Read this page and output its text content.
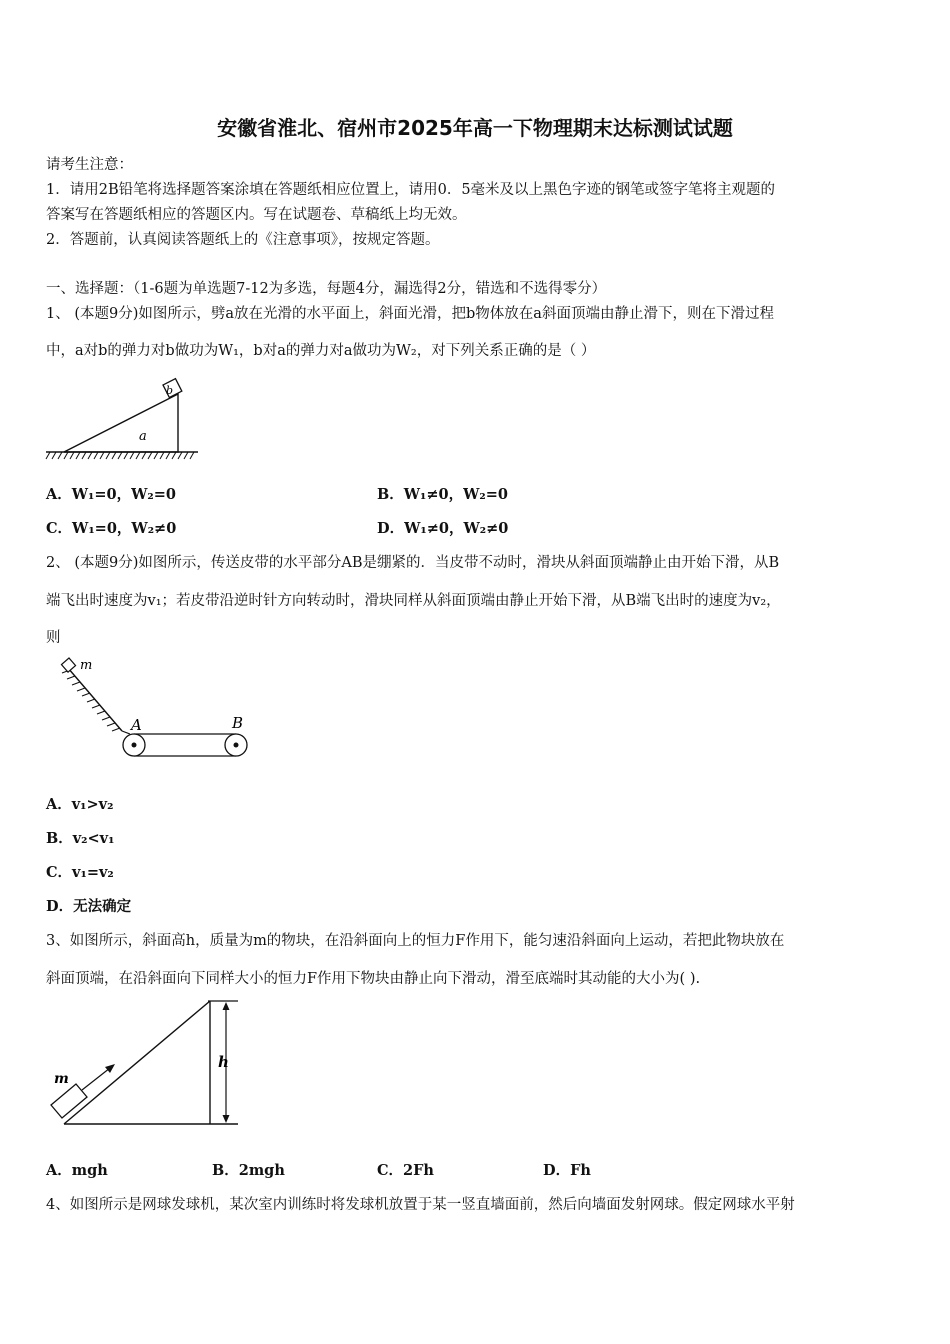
安徽省淮北、宿州市2025年高一下物理期末达标测试试题
请考生注意：
1．请用2B铅笔将选择题答案涂填在答题纸相应位置上，请用0．5毫米及以上黑色字迹的钢笔或签字笔将主观题的
答案写在答题纸相应的答题区内。写在试题卷、草稿纸上均无效。
2．答题前，认真阅读答题纸上的《注意事项》，按规定答题。
一、选择题：（1-6题为单选题7-12为多选，每题4分，漏选得2分，错选和不选得零分）
1、 (本题9分)如图所示，劈a放在光滑的水平面上，斜面光滑，把b物体放在a斜面顶端由静止滑下，则在下滑过程
中，a对b的弹力对b做功为W₁，b对a的弹力对a做功为W₂，对下列关系正确的是（ ）
b
a
A．W₁=0，W₂=0	B．W₁≠0，W₂=0
C．W₁=0，W₂≠0	D．W₁≠0，W₂≠0
2、 (本题9分)如图所示，传送皮带的水平部分AB是绷紧的．当皮带不动时，滑块从斜面顶端静止由开始下滑，从B
端飞出时速度为v₁；若皮带沿逆时针方向转动时，滑块同样从斜面顶端由静止开始下滑，从B端飞出时的速度为v₂，
则
m
A	B
A．v₁>v₂
B．v₂<v₁
C．v₁=v₂
D．无法确定
3、如图所示，斜面高h，质量为m的物块，在沿斜面向上的恒力F作用下，能匀速沿斜面向上运动，若把此物块放在
斜面顶端，在沿斜面向下同样大小的恒力F作用下物块由静止向下滑动，滑至底端时其动能的大小为( ).
h
m
A．mgh	B．2mgh	C．2Fh	D．Fh
4、如图所示是网球发球机，某次室内训练时将发球机放置于某一竖直墙面前，然后向墙面发射网球。假定网球水平射
